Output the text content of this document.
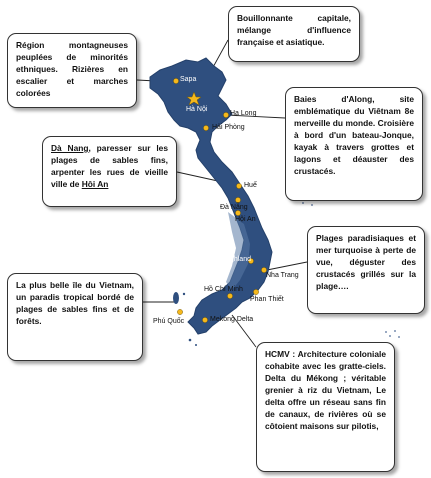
Sapa
Hà Nội
Hạ Long
Hải Phòng
Huế
Đà Nẵng
Hội An
Central highland
Nha Trang
Hồ Chí Minh
Phan Thiết
Phú Quốc	Mekong Delta
Région montagneuses peuplées de minorités ethniques. Rizières en escalier et marches colorées
Bouillonnante capitale, mélange d'influence française et asiatique.
Baies d'Along, site emblématique du Viêtnam 8e merveille du monde. Croisière à bord d'un bateau-Jonque, kayak à travers grottes et lagons et déauster des crustacés.
Dà Nang, paresser sur les plages de sables fins, arpenter les rues de vieille ville de Hôi An
Plages paradisiaques et mer turquoise à perte de vue, déguster des crustacés grillés sur la plage….
La plus belle île du Vietnam, un paradis tropical bordé de plages de sables fins et de forêts.
HCMV : Architecture coloniale cohabite avec les gratte-ciels. Delta du Mékong ; véritable grenier à riz du Vietnam, Le delta offre un réseau sans fin de canaux, de rivières où se côtoient maisons sur pilotis,
